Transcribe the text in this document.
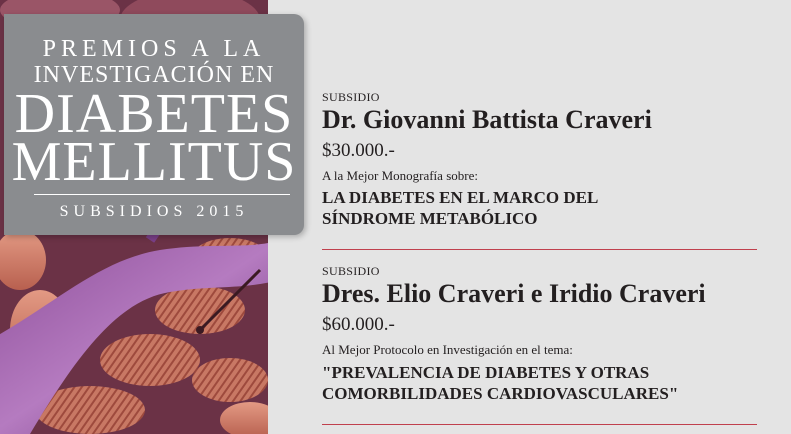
PREMIOS A LA
INVESTIGACIÓN EN
DIABETES
MELLITUS
SUBSIDIOS 2015
SUBSIDIO
Dr. Giovanni Battista Craveri
$30.000.-
A la Mejor Monografía sobre:
LA DIABETES EN EL MARCO DEL
SÍNDROME METABÓLICO
SUBSIDIO
Dres. Elio Craveri e Iridio Craveri
$60.000.-
Al Mejor Protocolo en Investigación en el tema:
"PREVALENCIA DE DIABETES Y OTRAS
COMORBILIDADES CARDIOVASCULARES"
